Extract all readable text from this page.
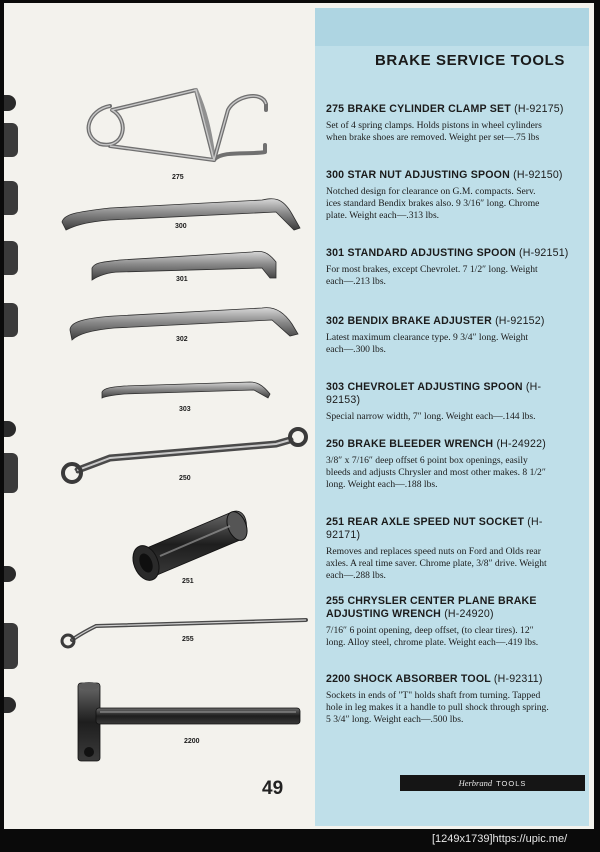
BRAKE SERVICE TOOLS
275
300
301
302
303
250
251
255
2200
275 BRAKE CYLINDER CLAMP SET (H-92175)
Set of 4 spring clamps. Holds pistons in wheel cylinders
when brake shoes are removed. Weight per set—.75 lbs
300 STAR NUT ADJUSTING SPOON (H-92150)
Notched design for clearance on G.M. compacts. Serv.
ices standard Bendix brakes also. 9 3/16″ long. Chrome
plate. Weight each—.313 lbs.
301 STANDARD ADJUSTING SPOON (H-92151)
For most brakes, except Chevrolet. 7 1/2″ long. Weight
each—.213 lbs.
302 BENDIX BRAKE ADJUSTER (H-92152)
Latest maximum clearance type. 9 3/4″ long. Weight
each—.300 lbs.
303 CHEVROLET ADJUSTING SPOON (H-92153)
Special narrow width, 7″ long. Weight each—.144 lbs.
250 BRAKE BLEEDER WRENCH (H-24922)
3/8″ x 7/16″ deep offset 6 point box openings, easily
bleeds and adjusts Chrysler and most other makes. 8 1/2″
long. Weight each—.188 lbs.
251 REAR AXLE SPEED NUT SOCKET (H-92171)
Removes and replaces speed nuts on Ford and Olds rear
axles. A real time saver. Chrome plate, 3/8″ drive. Weight
each—.288 lbs.
255 CHRYSLER CENTER PLANE BRAKE
ADJUSTING WRENCH (H-24920)
7/16″ 6 point opening, deep offset, (to clear tires). 12″
long. Alloy steel, chrome plate. Weight each—.419 lbs.
2200 SHOCK ABSORBER TOOL (H-92311)
Sockets in ends of "T" holds shaft from turning. Tapped
hole in leg makes it a handle to pull shock through spring.
5 3/4″ long. Weight each—.500 lbs.
49	Herbrand TOOLS
[1249x1739]https://upic.me/
